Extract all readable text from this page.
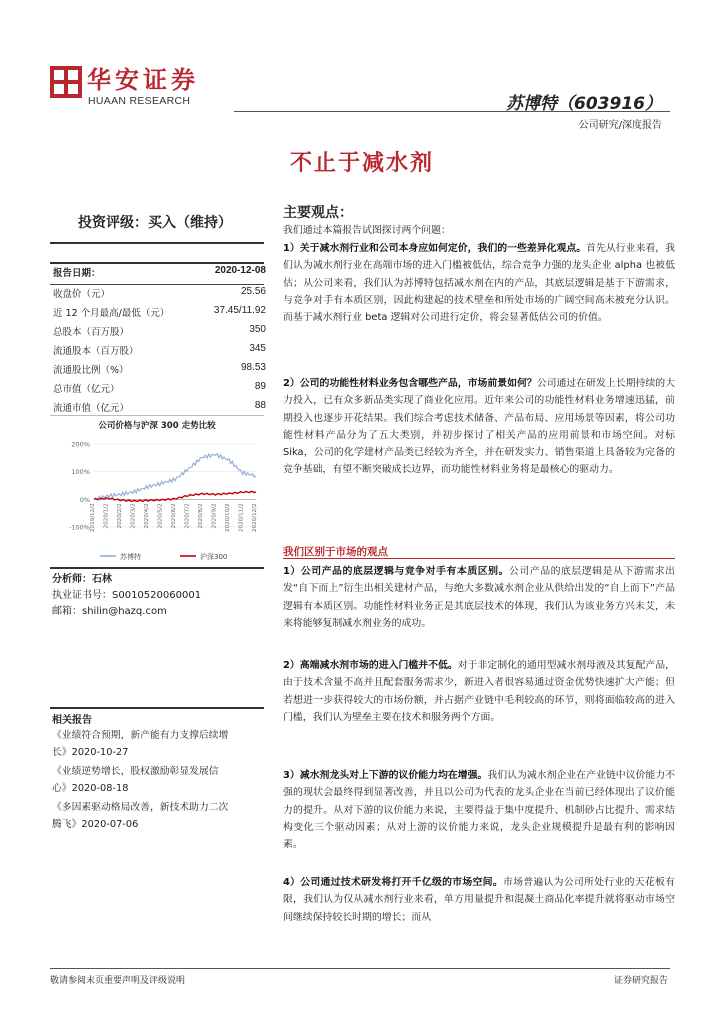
华安证券
HUAAN RESEARCH	苏博特（603916）
公司研究/深度报告
不止于减水剂
投资评级：买入（维持）
报告日期：	2020-12-08
收盘价（元）	25.56
近 12 个月最高/最低（元）	37.45/11.92
总股本（百万股）	350
流通股本（百万股）	345
流通股比例（%）	98.53
总市值（亿元）	89
流通市值（亿元）	88
公司价格与沪深 300 走势比较
200%
100%
0%
-100% 2019/12/2 2020/1/2 2020/2/2 2020/3/2 2020/4/2 2020/5/2 2020/6/2 2020/7/2 2020/8/2 2020/9/2 2020/10/2 2020/11/2 2020/12/2
苏博特	沪深300
分析师：石林
执业证书号：S0010520060001
邮箱：shilin@hazq.com
相关报告
《业绩符合预期，新产能有力支撑后续增
长》2020-10-27
《业绩逆势增长，股权激励彰显发展信
心》2020-08-18
《多因素驱动格局改善，新技术助力二次
腾飞》2020-07-06
主要观点：
我们通过本篇报告试图探讨两个问题：
1）关于减水剂行业和公司本身应如何定价，我们的一些差异化观点。首先从行业来看，我们认为减水剂行业在高端市场的进入门槛被低估，综合竞争力强的龙头企业 alpha 也被低估；从公司来看，我们认为苏博特包括减水剂在内的产品，其底层逻辑是基于下游需求，与竞争对手有本质区别，因此构建起的技术壁垒和所处市场的广阔空间高未被充分认识。而基于减水剂行业 beta 逻辑对公司进行定价，将会显著低估公司的价值。
2）公司的功能性材料业务包含哪些产品，市场前景如何？公司通过在研发上长期持续的大力投入，已有众多新品类实现了商业化应用。近年来公司的功能性材料业务增速迅猛，前期投入也逐步开花结果。我们综合考虑技术储备、产品布局、应用场景等因素，将公司功能性材料产品分为了五大类别，并初步探讨了相关产品的应用前景和市场空间。对标 Sika，公司的化学建材产品类已经较为齐全，并在研发实力、销售渠道上具备较为完备的竞争基础，有望不断突破成长边界，而功能性材料业务将是最核心的驱动力。
我们区别于市场的观点
1）公司产品的底层逻辑与竞争对手有本质区别。公司产品的底层逻辑是从下游需求出发“自下而上”衍生出相关建材产品，与绝大多数减水剂企业从供给出发的“自上而下”产品逻辑有本质区别。功能性材料业务正是其底层技术的体现，我们认为该业务方兴未艾，未来将能够复制减水剂业务的成功。
2）高端减水剂市场的进入门槛并不低。对于非定制化的通用型减水剂母液及其复配产品，由于技术含量不高并且配套服务需求少，新进入者很容易通过资金优势快速扩大产能；但若想进一步获得较大的市场份额，并占据产业链中毛利较高的环节，则将面临较高的进入门槛，我们认为壁垒主要在技术和服务两个方面。
3）减水剂龙头对上下游的议价能力均在增强。我们认为减水剂企业在产业链中议价能力不强的现状会最终得到显著改善，并且以公司为代表的龙头企业在当前已经体现出了议价能力的提升。从对下游的议价能力来说，主要得益于集中度提升、机制砂占比提升、需求结构变化三个驱动因素；从对上游的议价能力来说，龙头企业规模提升是最有利的影响因素。
4）公司通过技术研发将打开千亿级的市场空间。市场普遍认为公司所处行业的天花板有限，我们认为仅从减水剂行业来看，单方用量提升和混凝土商品化率提升就将驱动市场空间继续保持较长时期的增长；而从
敬请参阅末页重要声明及评级说明	证券研究报告
